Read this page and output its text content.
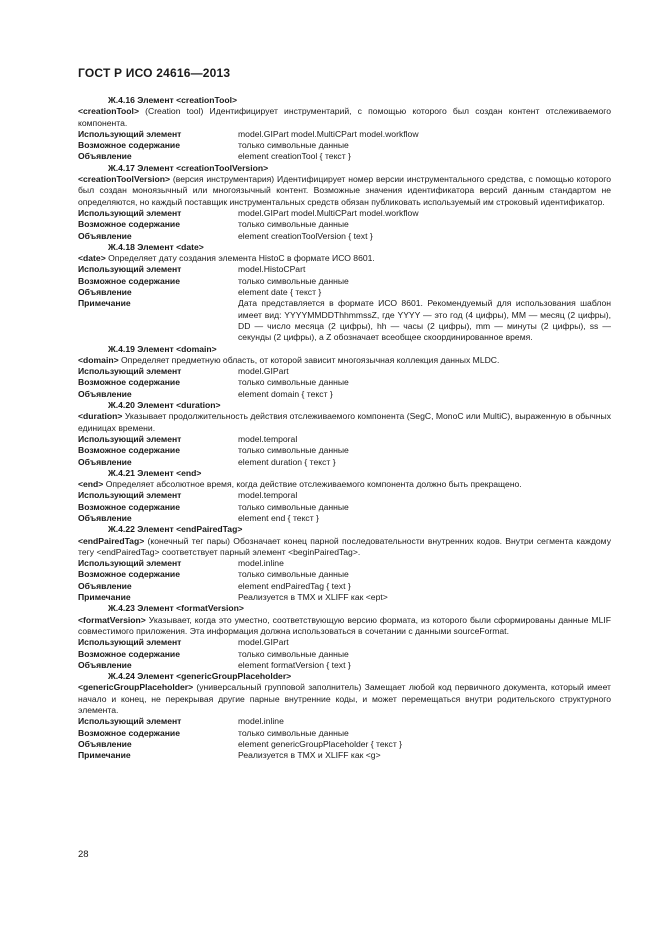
ГОСТ Р ИСО 24616—2013
Ж.4.16 Элемент <creationTool>
<creationTool> (Creation tool) Идентифицирует инструментарий, с помощью которого был создан контент отслеживаемого компонента.
Использующий элемент	model.GIPart model.MultiCPart model.workflow
Возможное содержание	только символьные данные
Объявление	element creationTool { текст }
Ж.4.17 Элемент <creationToolVersion>
<creationToolVersion> (версия инструментария) Идентифицирует номер версии инструментального средства, с помощью которого был создан моноязычный или многоязычный контент. Возможные значения идентификатора версий данным стандартом не определяются, но каждый поставщик инструментальных средств обязан публиковать используемый им строковый идентификатор.
Использующий элемент	model.GIPart model.MultiCPart model.workflow
Возможное содержание	только символьные данные
Объявление	element creationToolVersion { text }
Ж.4.18 Элемент <date>
<date> Определяет дату создания элемента HistoC в формате ИСО 8601.
Использующий элемент	model.HistoCPart
Возможное содержание	только символьные данные
Объявление	element date { текст }
Примечание	Дата представляется в формате ИСО 8601. Рекомендуемый для использования шаблон имеет вид: YYYYMMDDThhmmssZ, где YYYY — это год (4 цифры), MM — месяц (2 цифры), DD — число месяца (2 цифры), hh — часы (2 цифры), mm — минуты (2 цифры), ss — секунды (2 цифры), a Z обозначает всеобщее скоординированное время.
Ж.4.19 Элемент <domain>
<domain> Определяет предметную область, от которой зависит многоязычная коллекция данных MLDC.
Использующий элемент	model.GIPart
Возможное содержание	только символьные данные
Объявление	element domain { текст }
Ж.4.20 Элемент <duration>
<duration> Указывает продолжительность действия отслеживаемого компонента (SegC, MonoC или MultiC), выраженную в обычных единицах времени.
Использующий элемент	model.temporal
Возможное содержание	только символьные данные
Объявление	element duration { текст }
Ж.4.21 Элемент <end>
<end> Определяет абсолютное время, когда действие отслеживаемого компонента должно быть прекращено.
Использующий элемент	model.temporal
Возможное содержание	только символьные данные
Объявление	element end { текст }
Ж.4.22 Элемент <endPairedTag>
<endPairedTag> (конечный тег пары) Обозначает конец парной последовательности внутренних кодов. Внутри сегмента каждому тегу <endPairedTag> соответствует парный элемент <beginPairedTag>.
Использующий элемент	model.inline
Возможное содержание	только символьные данные
Объявление	element endPairedTag { text }
Примечание	Реализуется в TMX и XLIFF как <ept>
Ж.4.23 Элемент <formatVersion>
<formatVersion> Указывает, когда это уместно, соответствующую версию формата, из которого были сформированы данные MLIF совместимого приложения. Эта информация должна использоваться в сочетании с данными sourceFormat.
Использующий элемент	model.GIPart
Возможное содержание	только символьные данные
Объявление	element formatVersion { text }
Ж.4.24 Элемент <genericGroupPlaceholder>
<genericGroupPlaceholder> (универсальный групповой заполнитель) Замещает любой код первичного документа, который имеет начало и конец, не перекрывая другие парные внутренние коды, и может перемещаться внутри родительского структурного элемента.
Использующий элемент	model.inline
Возможное содержание	только символьные данные
Объявление	element genericGroupPlaceholder { текст }
Примечание	Реализуется в TMX и XLIFF как <g>
28
